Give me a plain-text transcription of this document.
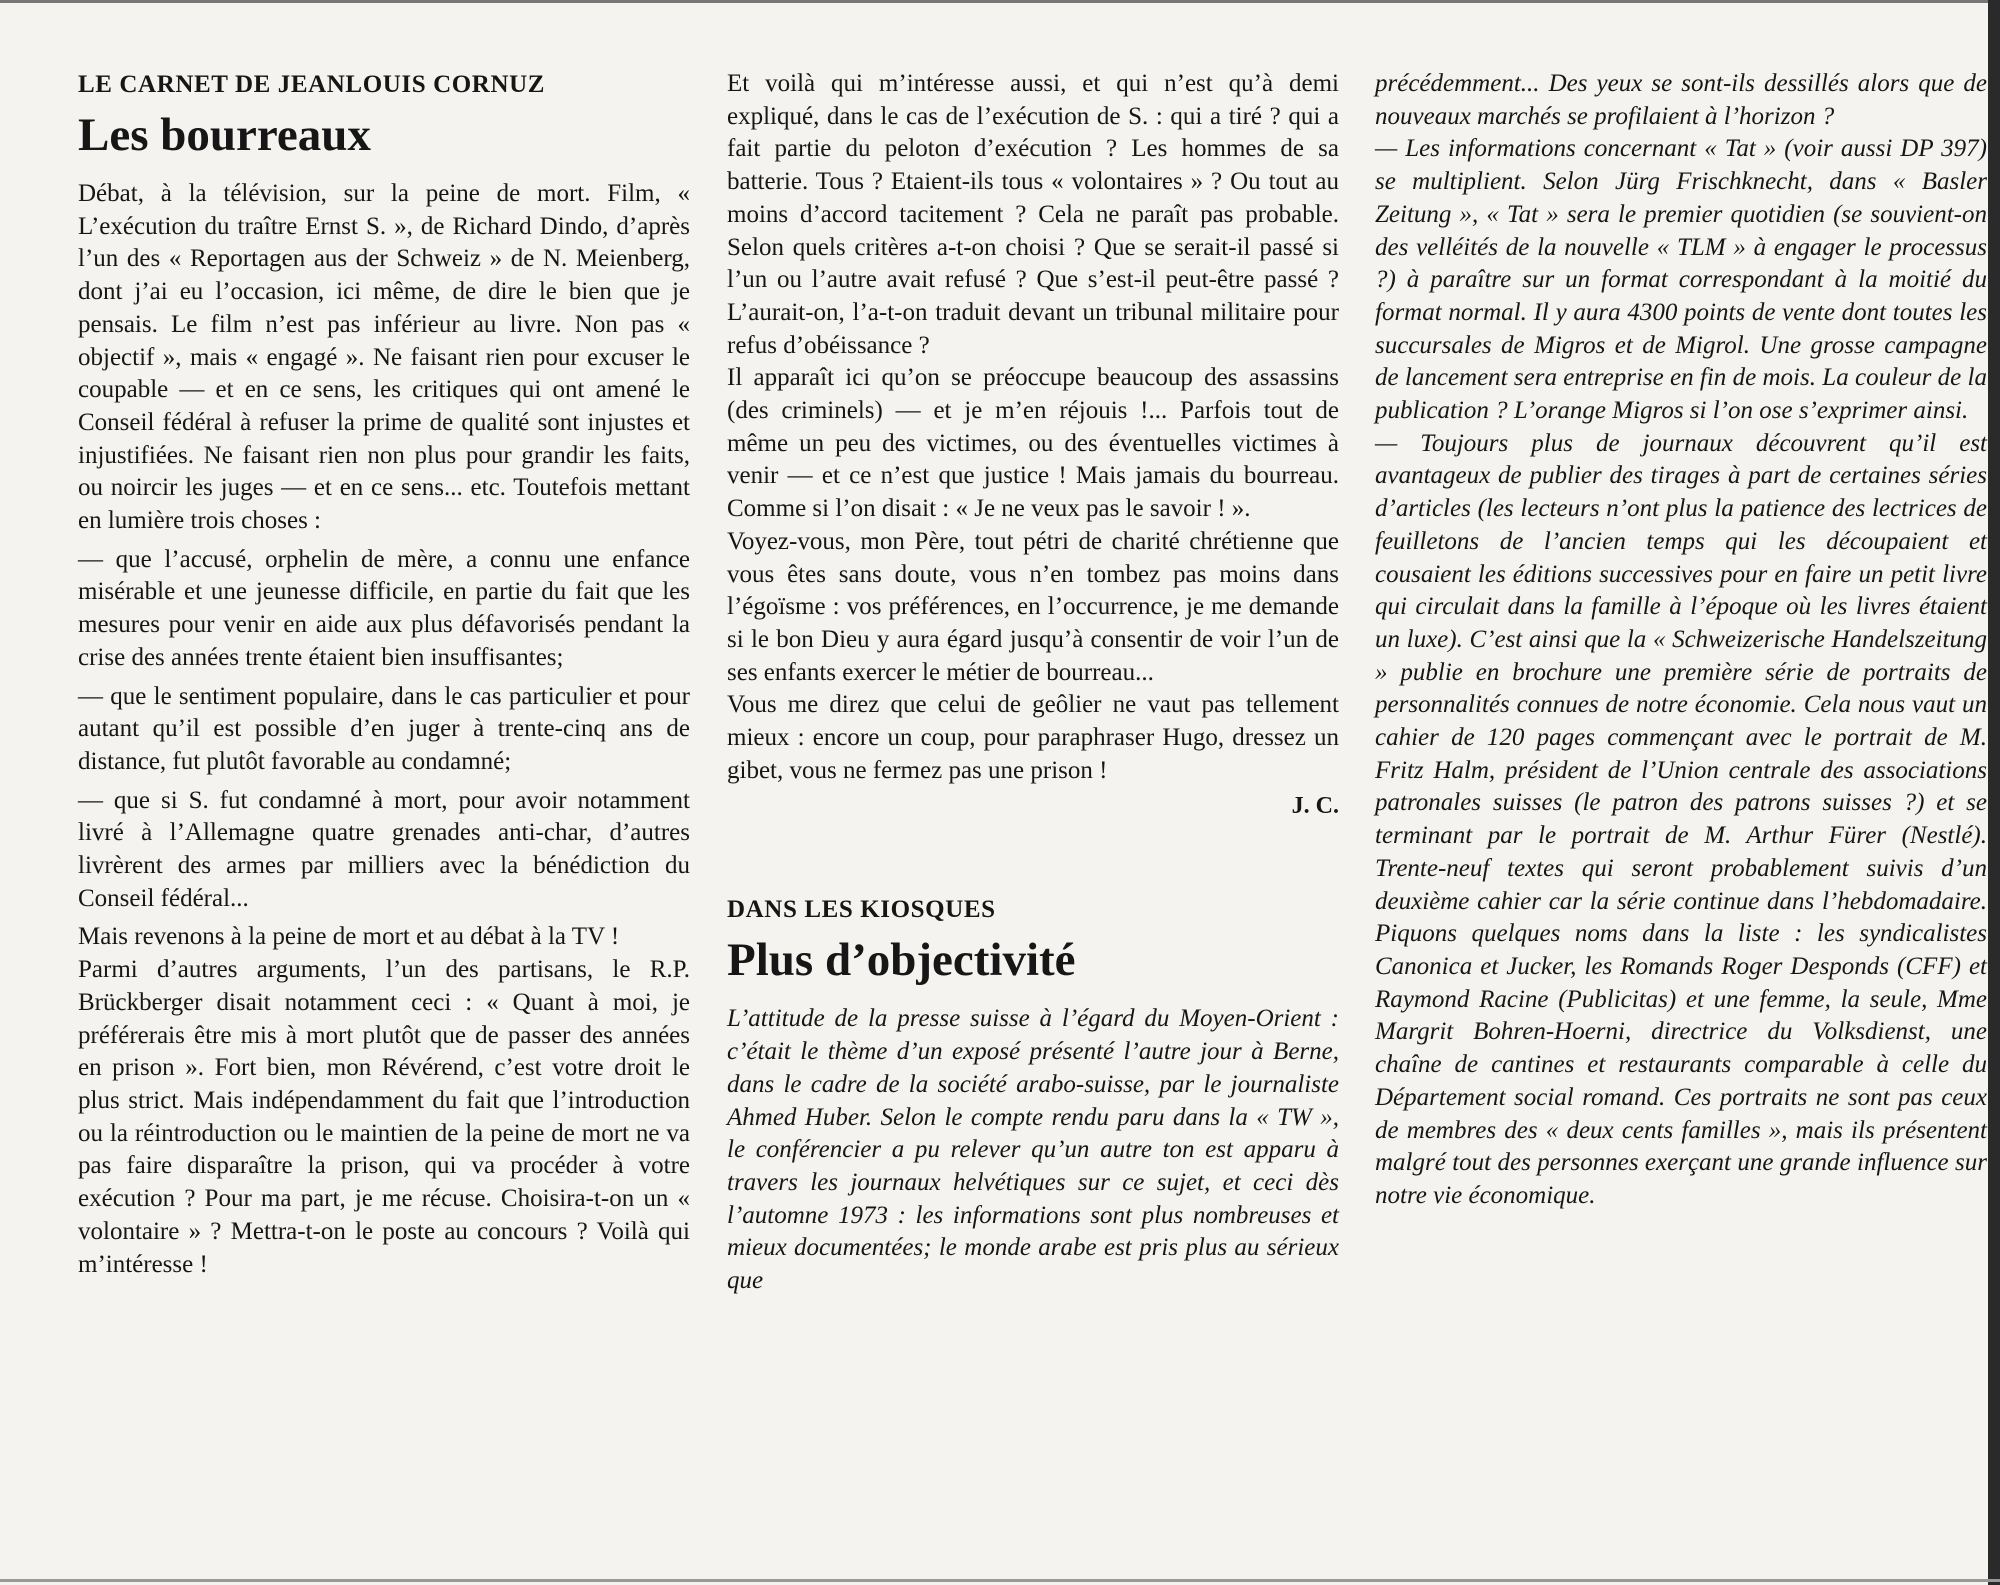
LE CARNET DE JEANLOUIS CORNUZ
Les bourreaux

Débat, à la télévision, sur la peine de mort. Film, « L’exécution du traître Ernst S. », de Richard Dindo, d’après l’un des « Reportagen aus der Schweiz » de N. Meienberg, dont j’ai eu l’occasion, ici même, de dire le bien que je pensais. Le film n’est pas inférieur au livre. Non pas « objectif », mais « engagé ». Ne faisant rien pour excuser le coupable — et en ce sens, les critiques qui ont amené le Conseil fédéral à refuser la prime de qualité sont injustes et injustifiées. Ne faisant rien non plus pour grandir les faits, ou noircir les juges — et en ce sens... etc. Toutefois mettant en lumière trois choses :

— que l’accusé, orphelin de mère, a connu une enfance misérable et une jeunesse difficile, en partie du fait que les mesures pour venir en aide aux plus défavorisés pendant la crise des années trente étaient bien insuffisantes;

— que le sentiment populaire, dans le cas particulier et pour autant qu’il est possible d’en juger à trente-cinq ans de distance, fut plutôt favorable au condamné;

— que si S. fut condamné à mort, pour avoir notamment livré à l’Allemagne quatre grenades anti-char, d’autres livrèrent des armes par milliers avec la bénédiction du Conseil fédéral...

Mais revenons à la peine de mort et au débat à la TV !

Parmi d’autres arguments, l’un des partisans, le R.P. Brückberger disait notamment ceci : « Quant à moi, je préférerais être mis à mort plutôt que de passer des années en prison ». Fort bien, mon Révérend, c’est votre droit le plus strict. Mais indépendamment du fait que l’introduction ou la réintroduction ou le maintien de la peine de mort ne va pas faire disparaître la prison, qui va procéder à votre exécution ? Pour ma part, je me récuse. Choisira-t-on un « volontaire » ? Mettra-t-on le poste au concours ? Voilà qui m’intéresse !

Et voilà qui m’intéresse aussi, et qui n’est qu’à demi expliqué, dans le cas de l’exécution de S. : qui a tiré ? qui a fait partie du peloton d’exécution ? Les hommes de sa batterie. Tous ? Etaient-ils tous « volontaires » ? Ou tout au moins d’accord tacitement ? Cela ne paraît pas probable. Selon quels critères a-t-on choisi ? Que se serait-il passé si l’un ou l’autre avait refusé ? Que s’est-il peut-être passé ? L’aurait-on, l’a-t-on traduit devant un tribunal militaire pour refus d’obéissance ?

Il apparaît ici qu’on se préoccupe beaucoup des assassins (des criminels) — et je m’en réjouis !... Parfois tout de même un peu des victimes, ou des éventuelles victimes à venir — et ce n’est que justice ! Mais jamais du bourreau. Comme si l’on disait : « Je ne veux pas le savoir ! ».

Voyez-vous, mon Père, tout pétri de charité chrétienne que vous êtes sans doute, vous n’en tombez pas moins dans l’égoïsme : vos préférences, en l’occurrence, je me demande si le bon Dieu y aura égard jusqu’à consentir de voir l’un de ses enfants exercer le métier de bourreau...

Vous me direz que celui de geôlier ne vaut pas tellement mieux : encore un coup, pour paraphraser Hugo, dressez un gibet, vous ne fermez pas une prison !

J. C.
DANS LES KIOSQUES
Plus d’objectivité

L’attitude de la presse suisse à l’égard du Moyen-Orient : c’était le thème d’un exposé présenté l’autre jour à Berne, dans le cadre de la société arabo-suisse, par le journaliste Ahmed Huber. Selon le compte rendu paru dans la « TW », le conférencier a pu relever qu’un autre ton est apparu à travers les journaux helvétiques sur ce sujet, et ceci dès l’automne 1973 : les informations sont plus nombreuses et mieux documentées; le monde arabe est pris plus au sérieux que

précédemment... Des yeux se sont-ils dessillés alors que de nouveaux marchés se profilaient à l’horizon ?

— Les informations concernant « Tat » (voir aussi DP 397) se multiplient. Selon Jürg Frischknecht, dans « Basler Zeitung », « Tat » sera le premier quotidien (se souvient-on des velléités de la nouvelle « TLM » à engager le processus ?) à paraître sur un format correspondant à la moitié du format normal. Il y aura 4300 points de vente dont toutes les succursales de Migros et de Migrol. Une grosse campagne de lancement sera entreprise en fin de mois. La couleur de la publication ? L’orange Migros si l’on ose s’exprimer ainsi.

— Toujours plus de journaux découvrent qu’il est avantageux de publier des tirages à part de certaines séries d’articles (les lecteurs n’ont plus la patience des lectrices de feuilletons de l’ancien temps qui les découpaient et cousaient les éditions successives pour en faire un petit livre qui circulait dans la famille à l’époque où les livres étaient un luxe). C’est ainsi que la « Schweizerische Handelszeitung » publie en brochure une première série de portraits de personnalités connues de notre économie. Cela nous vaut un cahier de 120 pages commençant avec le portrait de M. Fritz Halm, président de l’Union centrale des associations patronales suisses (le patron des patrons suisses ?) et se terminant par le portrait de M. Arthur Fürer (Nestlé). Trente-neuf textes qui seront probablement suivis d’un deuxième cahier car la série continue dans l’hebdomadaire. Piquons quelques noms dans la liste : les syndicalistes Canonica et Jucker, les Romands Roger Desponds (CFF) et Raymond Racine (Publicitas) et une femme, la seule, Mme Margrit Bohren-Hoerni, directrice du Volksdienst, une chaîne de cantines et restaurants comparable à celle du Département social romand. Ces portraits ne sont pas ceux de membres des « deux cents familles », mais ils présentent malgré tout des personnes exerçant une grande influence sur notre vie économique.
